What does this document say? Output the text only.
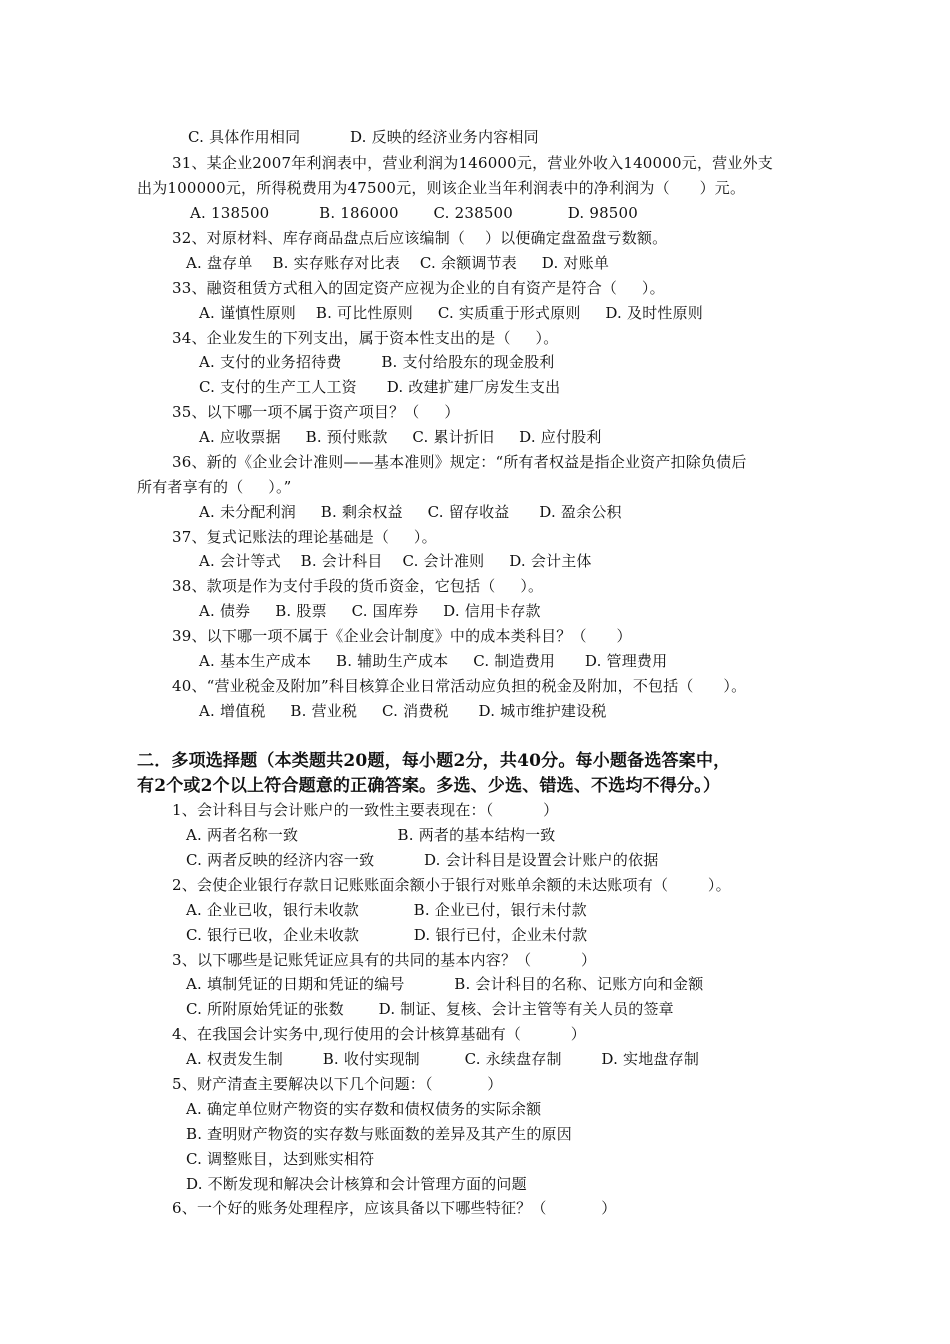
C. 具体作用相同          D. 反映的经济业务内容相同
31、某企业2007年利润表中，营业利润为146000元，营业外收入140000元，营业外支
出为100000元，所得税费用为47500元，则该企业当年利润表中的净利润为（      ）元。
A. 138500          B. 186000       C. 238500           D. 98500
32、对原材料、库存商品盘点后应该编制（    ）以便确定盘盈盘亏数额。
A. 盘存单    B. 实存账存对比表    C. 余额调节表     D. 对账单
33、融资租赁方式租入的固定资产应视为企业的自有资产是符合（     ）。
A. 谨慎性原则    B. 可比性原则     C. 实质重于形式原则     D. 及时性原则
34、企业发生的下列支出，属于资本性支出的是（     ）。
A. 支付的业务招待费        B. 支付给股东的现金股利
C. 支付的生产工人工资      D. 改建扩建厂房发生支出
35、以下哪一项不属于资产项目？（     ）
A. 应收票据     B. 预付账款     C. 累计折旧     D. 应付股利
36、新的《企业会计准则——基本准则》规定：“所有者权益是指企业资产扣除负债后
所有者享有的（     ）。”
A. 未分配利润     B. 剩余权益     C. 留存收益      D. 盈余公积
37、复式记账法的理论基础是（     ）。
A. 会计等式    B. 会计科目    C. 会计准则     D. 会计主体
38、款项是作为支付手段的货币资金，它包括（     ）。
A. 债券     B. 股票     C. 国库券     D. 信用卡存款
39、以下哪一项不属于《企业会计制度》中的成本类科目？（      ）
A. 基本生产成本     B. 辅助生产成本     C. 制造费用      D. 管理费用
40、“营业税金及附加”科目核算企业日常活动应负担的税金及附加，不包括（      ）。
A. 增值税     B. 营业税     C. 消费税      D. 城市维护建设税
二．多项选择题（本类题共20题，每小题2分，共40分。每小题备选答案中，
有2个或2个以上符合题意的正确答案。多选、少选、错选、不选均不得分。）
1、会计科目与会计账户的一致性主要表现在：（          ）
A. 两者名称一致                    B. 两者的基本结构一致
C. 两者反映的经济内容一致          D. 会计科目是设置会计账户的依据
2、会使企业银行存款日记账账面余额小于银行对账单余额的未达账项有（        ）。
A. 企业已收，银行未收款           B. 企业已付，银行未付款
C. 银行已收，企业未收款           D. 银行已付，企业未付款
3、以下哪些是记账凭证应具有的共同的基本内容？（          ）
A. 填制凭证的日期和凭证的编号          B. 会计科目的名称、记账方向和金额
C. 所附原始凭证的张数       D. 制证、复核、会计主管等有关人员的签章
4、在我国会计实务中,现行使用的会计核算基础有（          ）
A. 权责发生制        B. 收付实现制         C. 永续盘存制        D. 实地盘存制
5、财产清查主要解决以下几个问题：（           ）
A. 确定单位财产物资的实存数和债权债务的实际余额
B. 查明财产物资的实存数与账面数的差异及其产生的原因
C. 调整账目，达到账实相符
D. 不断发现和解决会计核算和会计管理方面的问题
6、一个好的账务处理程序，应该具备以下哪些特征？（           ）
